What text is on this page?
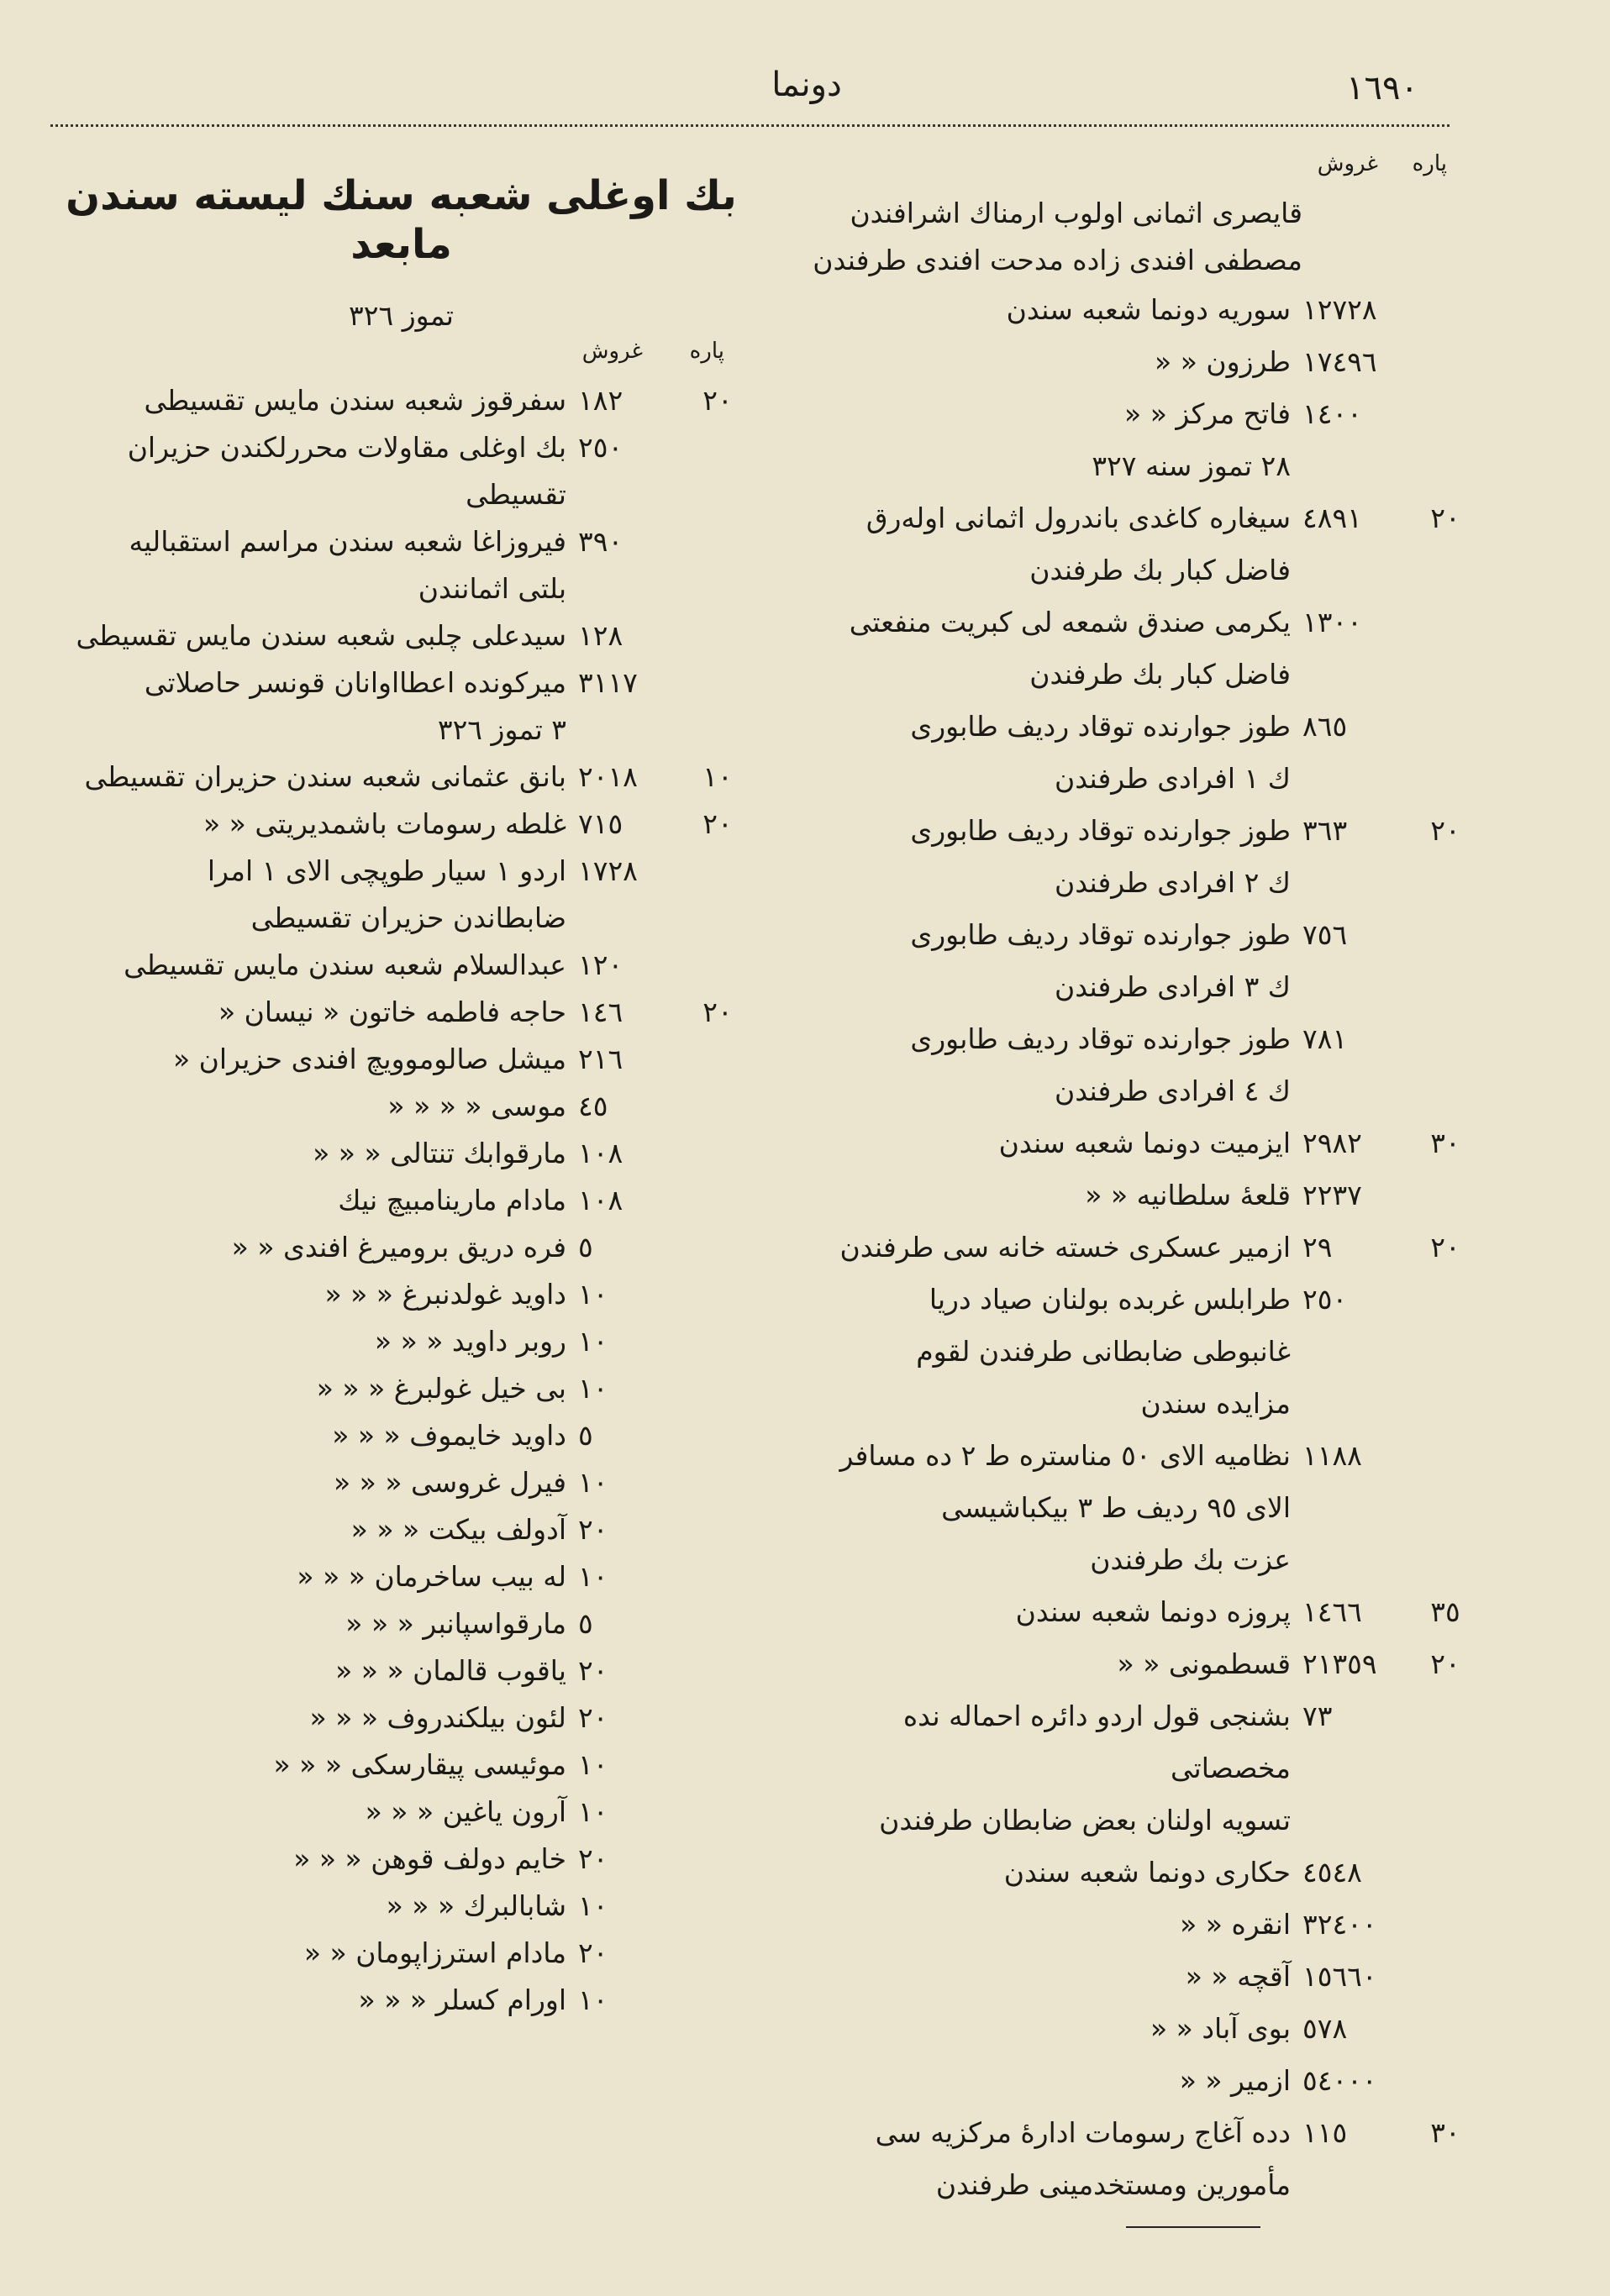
١٦٩٠
دونما
پاره
غروش
قايصرى اثمانى اولوب ارمناك اشرافندن
مصطفى افندى زاده مدحت افندى طرفندن
١٢٧٢٨
سوريه دونما شعبه سندن
١٧٤٩٦
طرزون « «
١٤٠٠
فاتح مركز « «
٢٨ تموز سنه ٣٢٧
٢٠
٤٨٩١
سيغاره كاغدى باندرول اثمانى اوله‌رق
فاضل كبار بك طرفندن
١٣٠٠
يكرمى صندق شمعه لى كبريت منفعتى
فاضل كبار بك طرفندن
٨٦٥
طوز جوارنده توقاد رديف طابورى
ك ١ افرادى طرفندن
٢٠
٣٦٣
طوز جوارنده توقاد رديف طابورى
ك ٢ افرادى طرفندن
٧٥٦
طوز جوارنده توقاد رديف طابورى
ك ٣ افرادى طرفندن
٧٨١
طوز جوارنده توقاد رديف طابورى
ك ٤ افرادى طرفندن
٣٠
٢٩٨٢
ايزميت دونما شعبه سندن
٢٢٣٧
قلعهٔ سلطانيه « «
٢٠
٢٩
ازمير عسكرى خسته خانه سى طرفندن
٢٥٠
طرابلس غربده بولنان صياد دريا
غانبوطى ضابطانى طرفندن لقوم
مزايده سندن
١١٨٨
نظاميه الاى ٥٠ مناستره ط ٢ ده مسافر
الاى ٩٥ رديف ط ٣ بيكباشيسى
عزت بك طرفندن
٣٥
١٤٦٦
پروزه دونما شعبه سندن
٢٠
٢١٣٥٩
قسطمونى « «
٧٣
بشنجى قول اردو دائره احماله نده مخصصاتى
تسويه اولنان بعض ضابطان طرفندن
٤٥٤٨
حكارى دونما شعبه سندن
٣٢٤٠٠
انقره « «
١٥٦٦٠
آقچه « «
٥٧٨
بوى آباد « «
٥٤٠٠٠
ازمير « «
٣٠
١١٥
دده آغاج رسومات ادارهٔ مركزيه سى
مأمورين ومستخدمينى طرفندن
بك اوغلى شعبه سنك ليسته سندن مابعد
تموز ٣٢٦
پاره
غروش
٢٠
١٨٢
سفرقوز شعبه سندن مايس تقسيطى
٢٥٠
بك اوغلى مقاولات محررلكندن حزيران
تقسيطى
٣٩٠
فيروزاغا شعبه سندن مراسم استقباليه
بلتى اثمانندن
١٢٨
سيدعلى چلبى شعبه سندن مايس تقسيطى
٣١١٧
ميركونده اعطااوانان قونسر حاصلاتى
٣ تموز ٣٢٦
١٠
٢٠١٨
بانق عثمانى شعبه سندن حزيران تقسيطى
٢٠
٧١٥
غلطه رسومات باشمديريتى « «
١٧٢٨
اردو ١ سيار طوپچى الاى ١ امرا
ضابطاندن حزيران تقسيطى
١٢٠
عبدالسلام شعبه سندن مايس تقسيطى
٢٠
١٤٦
حاجه فاطمه خاتون « نيسان «
٢١٦
ميشل صالوموويچ افندى حزيران «
٤٥
موسى « « « «
١٠٨
مارقوابك تنتالى « « «
١٠٨
مادام مارينامبيچ نيك
٥
فره دريق بروميرغ افندى « «
١٠
داويد غولدنبرغ « « «
١٠
روبر داويد « « «
١٠
بى خيل غولبرغ « « «
٥
داويد خايموف « « «
١٠
فيرل غروسى « « «
٢٠
آدولف بيكت « « «
١٠
له بيب ساخرمان « « «
٥
مارقواسپانبر « « «
٢٠
ياقوب قالمان « « «
٢٠
لئون بيلكندروف « « «
١٠
موئيسى پيقارسكى « « «
١٠
آرون ياغين « « «
٢٠
خايم دولف قوهن « « «
١٠
شابالبرك « « «
٢٠
مادام استرزاپومان « «
١٠
اورام كسلر « « «
